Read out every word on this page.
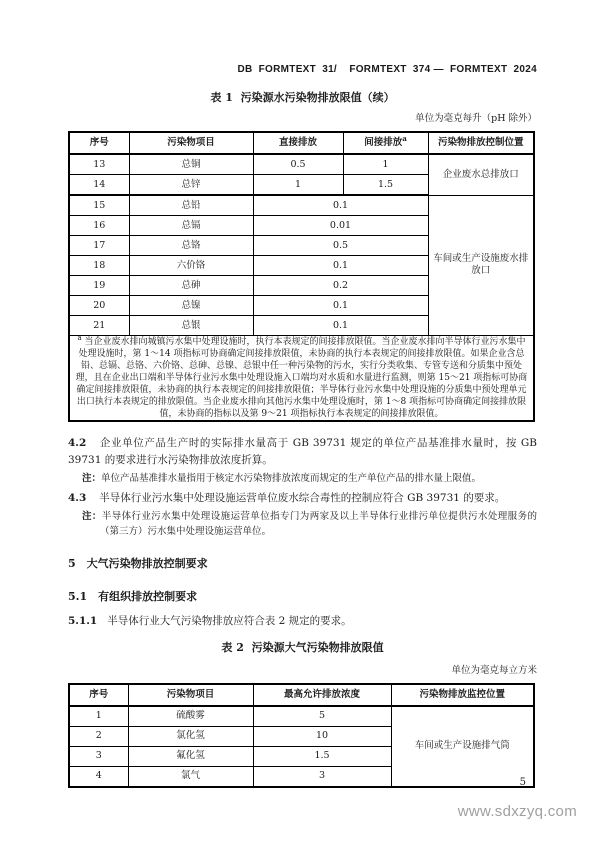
DB  FORMTEXT  31/    FORMTEXT  374 —  FORMTEXT  2024
表 1  污染源水污染物排放限值（续）
单位为毫克每升（pH 除外）
序号	污染物项目	直接排放	间接排放$^a$	污染物排放控制位置
13	总铜	0.5	1	企业废水总排放口
14	总锌	1	1.5	
15	总铅	0.1		车间或生产设施废水排放口
16	总镉	0.01		
17	总铬	0.5		
18	六价铬	0.1		
19	总砷	0.2		
20	总镍	0.1		
21	总银	0.1		
$^a$ 当企业废水排向城镇污水集中处理设施时，执行本表规定的间接排放限值。当企业废水排向半导体行业污水集中处理设施时，第 1～14 项指标可协商确定间接排放限值，未协商的执行本表规定的间接排放限值。如果企业含总铅、总镉、总铬、六价铬、总砷、总镍、总银中任一种污染物的污水，实行分类收集、专管专送和分质集中预处理，且在企业出口端和半导体行业污水集中处理设施入口端均对水质和水量进行监测，则第 15～21 项指标可协商确定间接排放限值，未协商的执行本表规定的间接排放限值；半导体行业污水集中处理设施的分质集中预处理单元出口执行本表规定的排放限值。当企业废水排向其他污水集中处理设施时，第 1～8 项指标可协商确定间接排放限值，未协商的指标以及第 9～21 项指标执行本表规定的间接排放限值。				

4.2 企业单位产品生产时的实际排水量高于 GB 39731 规定的单位产品基准排水量时，按 GB 39731 的要求进行水污染物排放浓度折算。

注：单位产品基准排水量指用于核定水污染物排放浓度而规定的生产单位产品的排水量上限值。

4.3 半导体行业污水集中处理设施运营单位废水综合毒性的控制应符合 GB 39731 的要求。

注：半导体行业污水集中处理设施运营单位指专门为两家及以上半导体行业排污单位提供污水处理服务的（第三方）污水集中处理设施运营单位。

5 大气污染物排放控制要求
5.1 有组织排放控制要求

5.1.1 半导体行业大气污染物排放应符合表 2 规定的要求。

表 2  污染源大气污染物排放限值
单位为毫克每立方米
序号	污染物项目	最高允许排放浓度	污染物排放监控位置
1	硫酸雾	5	车间或生产设施排气筒
2	氯化氢	10	
3	氟化氢	1.5	
4	氯气	3	
5
www.sdxzyq.com
